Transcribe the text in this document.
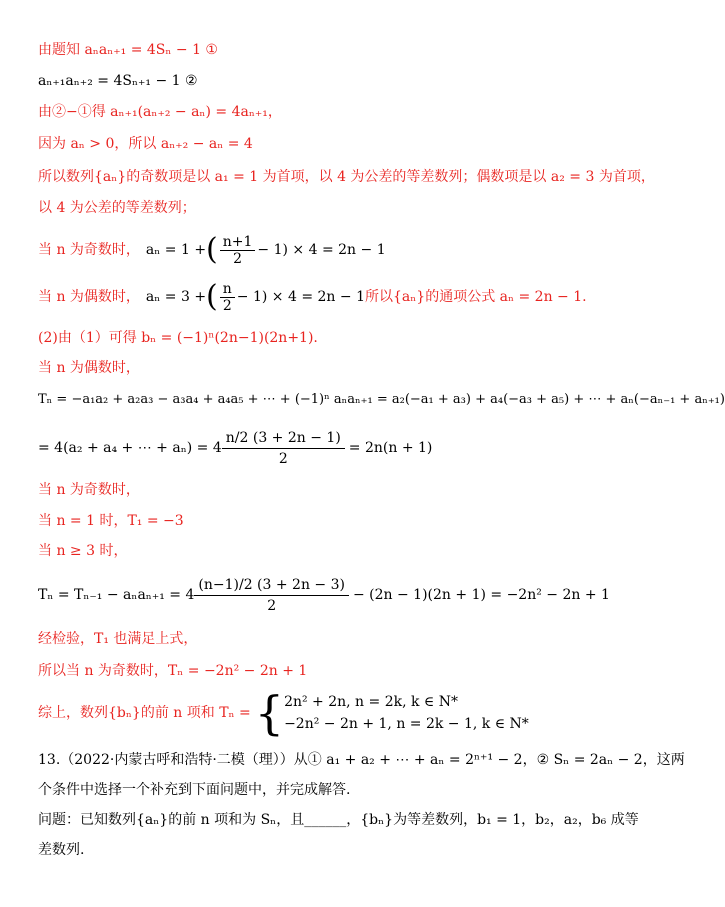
由题知 aₙaₙ₊₁ = 4Sₙ − 1 ①
aₙ₊₁aₙ₊₂ = 4Sₙ₊₁ − 1 ②
由②−①得 aₙ₊₁(aₙ₊₂ − aₙ) = 4aₙ₊₁，
因为 aₙ > 0，所以 aₙ₊₂ − aₙ = 4
所以数列{aₙ}的奇数项是以 a₁ = 1 为首项，以 4 为公差的等差数列；偶数项是以 a₂ = 3 为首项，
以 4 为公差的等差数列；
当 n 为奇数时， aₙ = 1 + ( $\frac{n+1}{2} - 1) \times 4 = 2n - 1$
当 n 为偶数时， aₙ = 3 + ( $\frac{n}{2} - 1) \times 4 = 2n - 1$ 所以{aₙ}的通项公式 aₙ = 2n − 1.
(2)由（1）可得 bₙ = (−1)ⁿ(2n−1)(2n+1).
当 n 为偶数时，
Tₙ = −a₁a₂ + a₂a₃ − a₃a₄ + a₄a₅ + ⋯ + (−1)ⁿ aₙaₙ₊₁ = a₂(−a₁ + a₃) + a₄(−a₃ + a₅) + ⋯ + aₙ(−aₙ₋₁ + aₙ₊₁)
= 4(a₂ + a₄ + ⋯ + $a_n) = 4 \frac{n/2 (3 + 2n - 1)}{2} = 2n(n + 1)$
当 n 为奇数时，
当 n = 1 时，T₁ = −3
当 n ≥ 3 时，
$T_n = T_{n-1} - a_na_{n+1} = 4 \frac{(n-1)/2 (3 + 2n - 3)}{2} - (2n - 1)(2n + 1) = -2n^2 - 2n + 1$
经检验，T₁ 也满足上式，
所以当 n 为奇数时，Tₙ = −2n² − 2n + 1
综上，数列{bₙ}的前 n 项和 Tₙ = { 2n² + 2n, n = 2k, k ∈ N*
−2n² − 2n + 1, n = 2k − 1, k ∈ N*
13.（2022·内蒙古呼和浩特·二模（理））从① a₁ + a₂ + ⋯ + aₙ = 2ⁿ⁺¹ − 2，② Sₙ = 2aₙ − 2，这两
个条件中选择一个补充到下面问题中，并完成解答.
问题：已知数列{aₙ}的前 n 项和为 Sₙ，且______，{bₙ}为等差数列，b₁ = 1，b₂，a₂，b₆ 成等
差数列.
